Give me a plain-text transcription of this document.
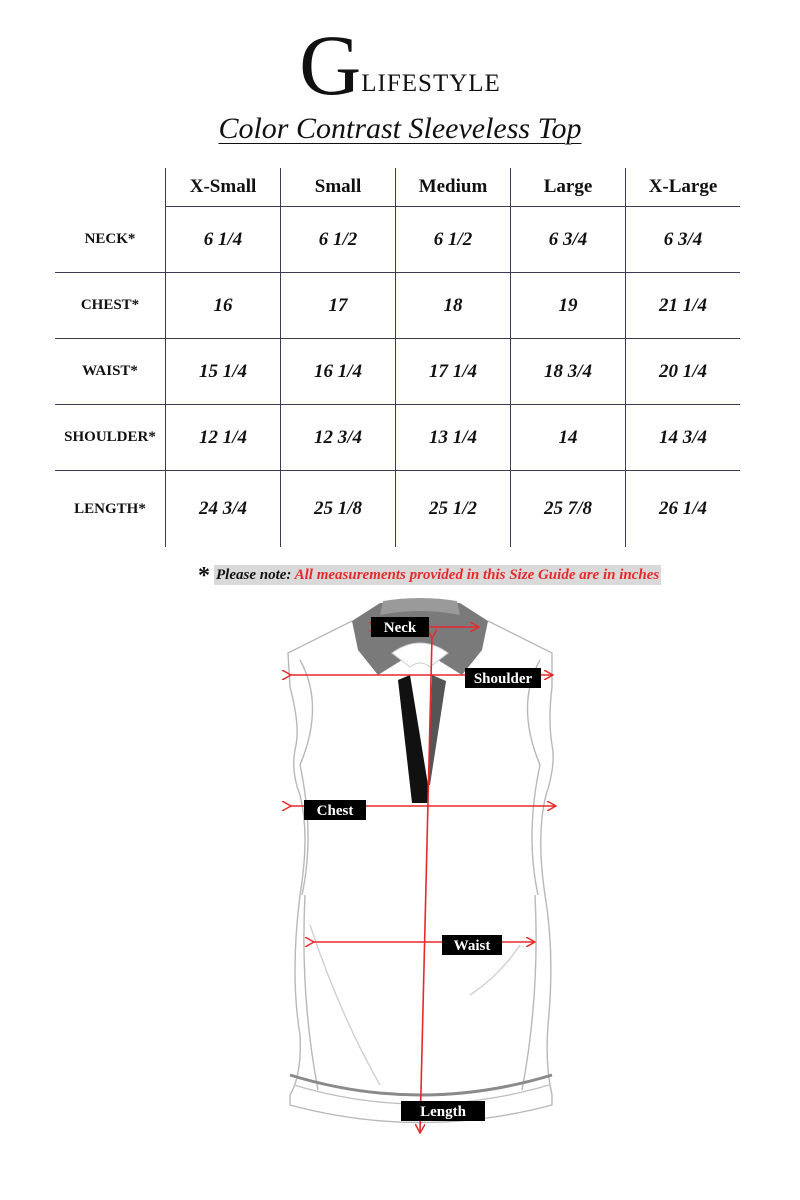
GLIFESTYLE
Color Contrast Sleeveless Top
	X-Small	Small	Medium	Large	X-Large
NECK*	6 1/4	6 1/2	6 1/2	6 3/4	6 3/4
CHEST*	16	17	18	19	21 1/4
WAIST*	15 1/4	16 1/4	17 1/4	18 3/4	20 1/4
SHOULDER*	12 1/4	12 3/4	13 1/4	14	14 3/4
LENGTH*	24 3/4	25 1/8	25 1/2	25 7/8	26 1/4
* Please note: All measurements provided in this Size Guide are in inches
Neck
Shoulder
Chest
Waist
Length
